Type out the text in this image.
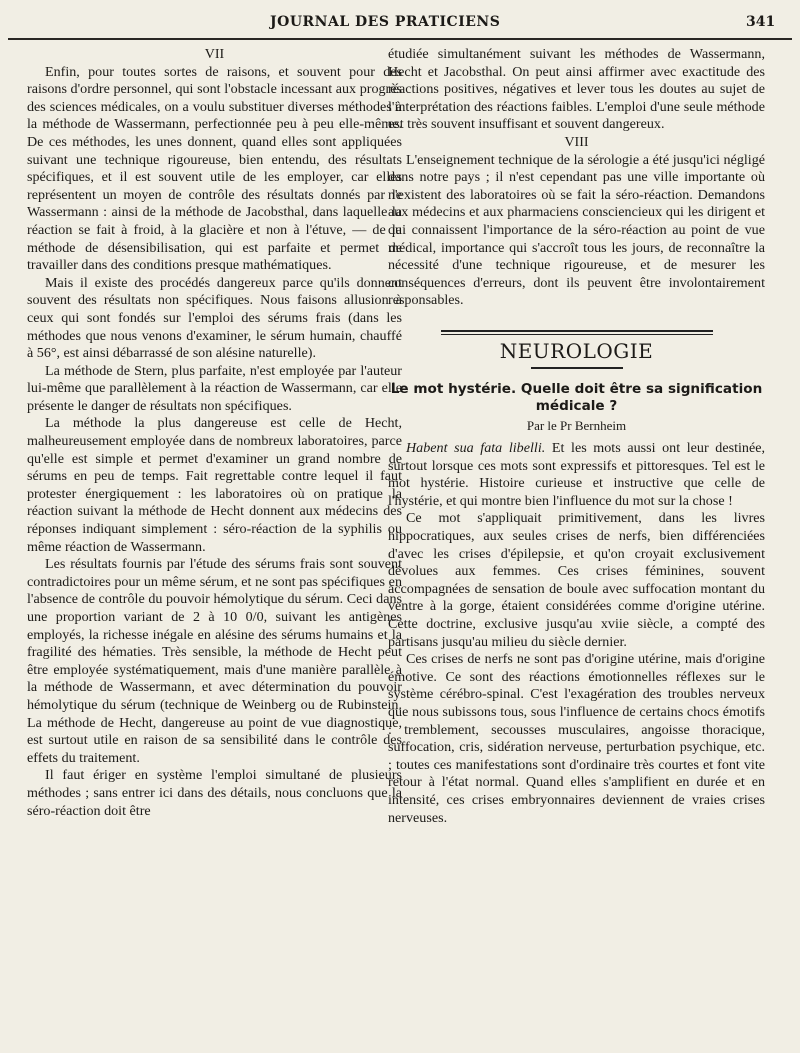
JOURNAL DES PRATICIENS	341

VII

Enfin, pour toutes sortes de raisons, et souvent pour des raisons d'ordre personnel, qui sont l'obstacle incessant aux progrès des sciences médicales, on a voulu substituer diverses méthodes à la méthode de Wassermann, perfectionnée peu à peu elle-même. De ces méthodes, les unes donnent, quand elles sont appliquées suivant une technique rigoureuse, bien entendu, des résultats spécifiques, et il est souvent utile de les employer, car elles représentent un moyen de contrôle des résultats donnés par le Wassermann : ainsi de la méthode de Jacobsthal, dans laquelle la réaction se fait à froid, à la glacière et non à l'étuve, — de la méthode de désensibilisation, qui est parfaite et permet de travailler dans des conditions presque mathématiques.

Mais il existe des procédés dangereux parce qu'ils donnent souvent des résultats non spécifiques. Nous faisons allusion à ceux qui sont fondés sur l'emploi des sérums frais (dans les méthodes que nous venons d'examiner, le sérum humain, chauffé à 56°, est ainsi débarrassé de son alésine naturelle).

La méthode de Stern, plus parfaite, n'est employée par l'auteur lui-même que parallèlement à la réaction de Wassermann, car elle présente le danger de résultats non spécifiques.

La méthode la plus dangereuse est celle de Hecht, malheureusement employée dans de nombreux laboratoires, parce qu'elle est simple et permet d'examiner un grand nombre de sérums en peu de temps. Fait regrettable contre lequel il faut protester énergiquement : les laboratoires où on pratique la réaction suivant la méthode de Hecht donnent aux médecins des réponses indiquant simplement : séro-réaction de la syphilis ou même réaction de Wassermann.

Les résultats fournis par l'étude des sérums frais sont souvent contradictoires pour un même sérum, et ne sont pas spécifiques en l'absence de contrôle du pouvoir hémolytique du sérum. Ceci dans une proportion variant de 2 à 10 0/0, suivant les antigènes employés, la richesse inégale en alésine des sérums humains et la fragilité des hématies. Très sensible, la méthode de Hecht peut être employée systématiquement, mais d'une manière parallèle à la méthode de Wassermann, et avec détermination du pouvoir hémolytique du sérum (technique de Weinberg ou de Rubinstein. La méthode de Hecht, dangereuse au point de vue diagnostique, est surtout utile en raison de sa sensibilité dans le contrôle des effets du traitement.

Il faut ériger en système l'emploi simultané de plusieurs méthodes ; sans entrer ici dans des détails, nous concluons que la séro-réaction doit être

étudiée simultanément suivant les méthodes de Wassermann, Hecht et Jacobsthal. On peut ainsi affirmer avec exactitude des réactions positives, négatives et lever tous les doutes au sujet de l'interprétation des réactions faibles. L'emploi d'une seule méthode est très souvent insuffisant et souvent dangereux.

VIII

L'enseignement technique de la sérologie a été jusqu'ici négligé dans notre pays ; il n'est cependant pas une ville importante où n'existent des laboratoires où se fait la séro-réaction. Demandons aux médecins et aux pharmaciens consciencieux qui les dirigent et qui connaissent l'importance de la séro-réaction au point de vue médical, importance qui s'accroît tous les jours, de reconnaître la nécessité d'une technique rigoureuse, et de mesurer les conséquences d'erreurs, dont ils peuvent être involontairement responsables.

NEUROLOGIE
Le mot hystérie. Quelle doit être sa signification médicale ?
Par le Pr Bernheim

Habent sua fata libelli. Et les mots aussi ont leur destinée, surtout lorsque ces mots sont expressifs et pittoresques. Tel est le mot hystérie. Histoire curieuse et instructive que celle de l'hystérie, et qui montre bien l'influence du mot sur la chose !

Ce mot s'appliquait primitivement, dans les livres hippocratiques, aux seules crises de nerfs, bien différenciées d'avec les crises d'épilepsie, et qu'on croyait exclusivement dévolues aux femmes. Ces crises féminines, souvent accompagnées de sensation de boule avec suffocation montant du ventre à la gorge, étaient considérées comme d'origine utérine. Cette doctrine, exclusive jusqu'au xviie siècle, a compté des partisans jusqu'au milieu du siècle dernier.

Ces crises de nerfs ne sont pas d'origine utérine, mais d'origine émotive. Ce sont des réactions émotionnelles réflexes sur le système cérébro-spinal. C'est l'exagération des troubles nerveux que nous subissons tous, sous l'influence de certains chocs émotifs : tremblement, secousses musculaires, angoisse thoracique, suffocation, cris, sidération nerveuse, perturbation psychique, etc. ; toutes ces manifestations sont d'ordinaire très courtes et font vite retour à l'état normal. Quand elles s'amplifient en durée et en intensité, ces crises embryonnaires deviennent de vraies crises nerveuses.
